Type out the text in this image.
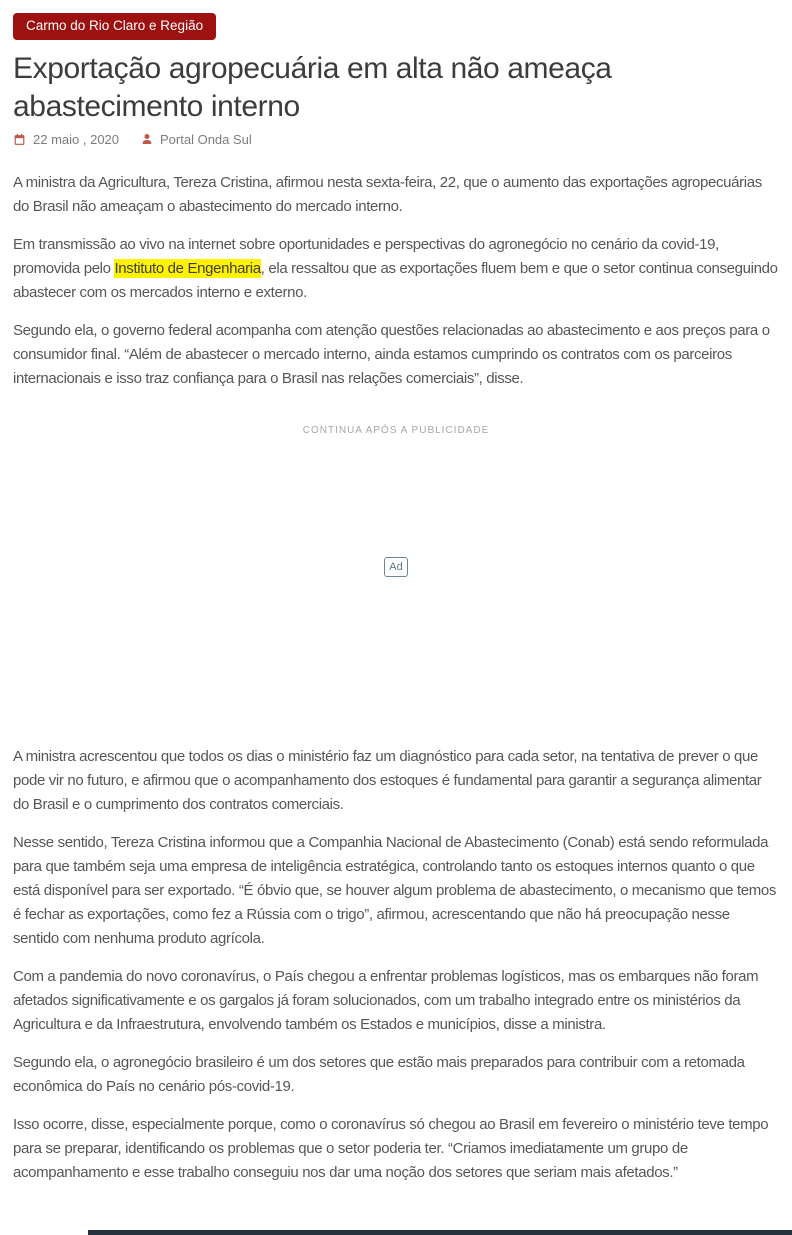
Carmo do Rio Claro e Região
Exportação agropecuária em alta não ameaça abastecimento interno
22 maio , 2020	Portal Onda Sul

A ministra da Agricultura, Tereza Cristina, afirmou nesta sexta-feira, 22, que o aumento das exportações agropecuárias do Brasil não ameaçam o abastecimento do mercado interno.

Em transmissão ao vivo na internet sobre oportunidades e perspectivas do agronegócio no cenário da covid-19, promovida pelo Instituto de Engenharia, ela ressaltou que as exportações fluem bem e que o setor continua conseguindo abastecer com os mercados interno e externo.

Segundo ela, o governo federal acompanha com atenção questões relacionadas ao abastecimento e aos preços para o consumidor final. “Além de abastecer o mercado interno, ainda estamos cumprindo os contratos com os parceiros internacionais e isso traz confiança para o Brasil nas relações comerciais”, disse.

CONTINUA APÓS A PUBLICIDADE
Ad

A ministra acrescentou que todos os dias o ministério faz um diagnóstico para cada setor, na tentativa de prever o que pode vir no futuro, e afirmou que o acompanhamento dos estoques é fundamental para garantir a segurança alimentar do Brasil e o cumprimento dos contratos comerciais.

Nesse sentido, Tereza Cristina informou que a Companhia Nacional de Abastecimento (Conab) está sendo reformulada para que também seja uma empresa de inteligência estratégica, controlando tanto os estoques internos quanto o que está disponível para ser exportado. “É óbvio que, se houver algum problema de abastecimento, o mecanismo que temos é fechar as exportações, como fez a Rússia com o trigo”, afirmou, acrescentando que não há preocupação nesse sentido com nenhuma produto agrícola.

Com a pandemia do novo coronavírus, o País chegou a enfrentar problemas logísticos, mas os embarques não foram afetados significativamente e os gargalos já foram solucionados, com um trabalho integrado entre os ministérios da Agricultura e da Infraestrutura, envolvendo também os Estados e municípios, disse a ministra.

Segundo ela, o agronegócio brasileiro é um dos setores que estão mais preparados para contribuir com a retomada econômica do País no cenário pós-covid-19.

Isso ocorre, disse, especialmente porque, como o coronavírus só chegou ao Brasil em fevereiro o ministério teve tempo para se preparar, identificando os problemas que o setor poderia ter. “Criamos imediatamente um grupo de acompanhamento e esse trabalho conseguiu nos dar uma noção dos setores que seriam mais afetados.”
